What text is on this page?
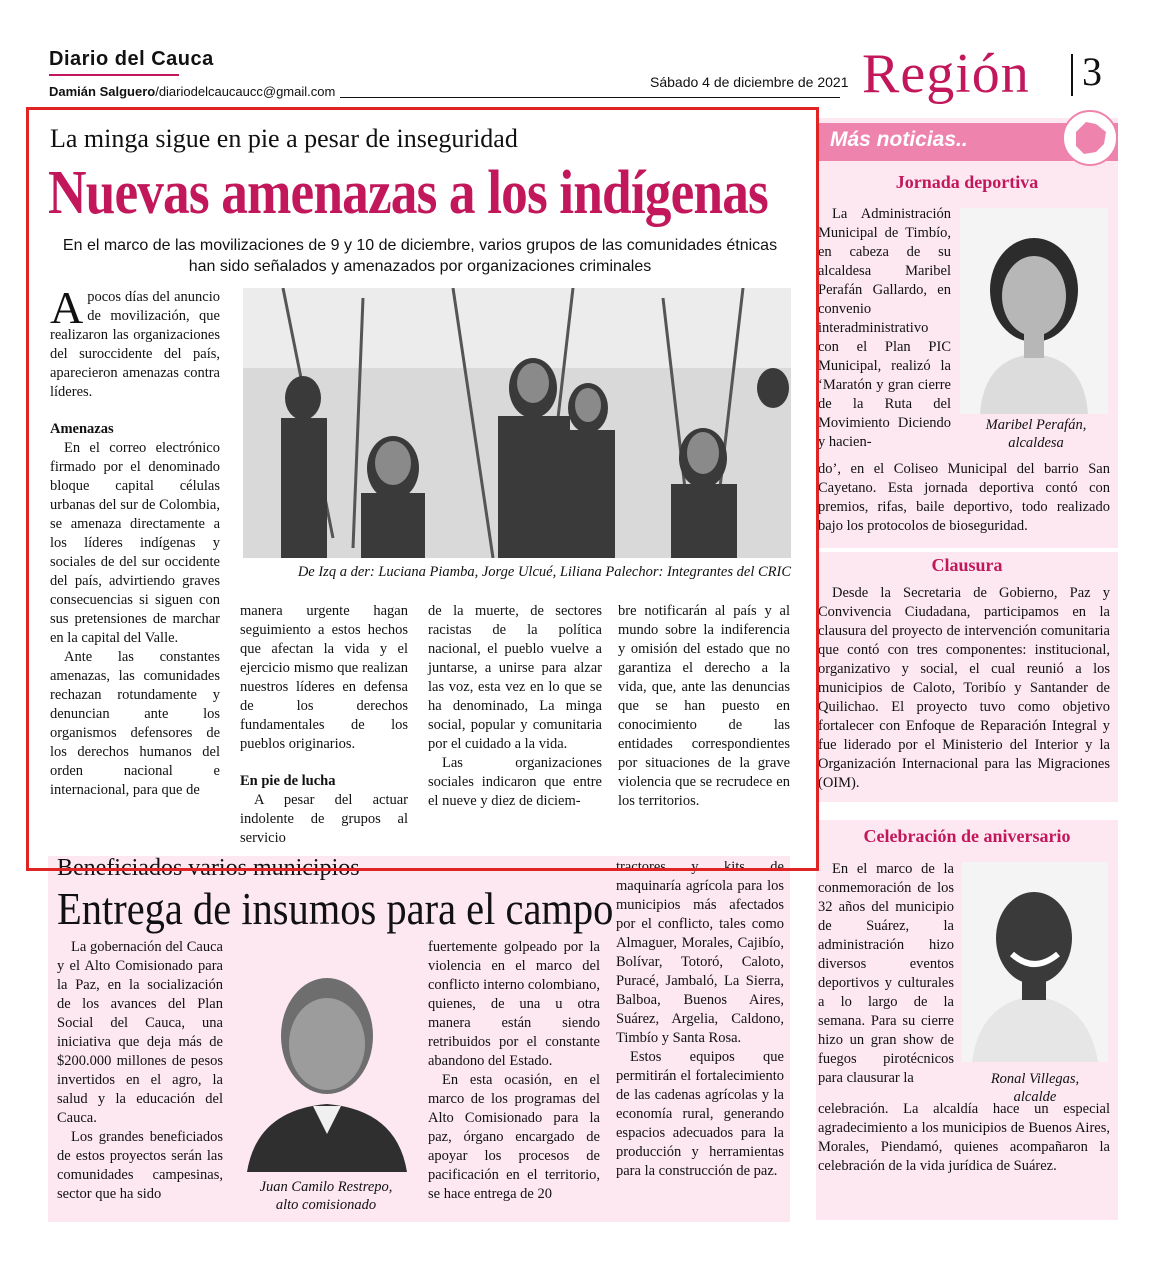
Diario del Cauca
Damián Salguero/diariodelcaucaucc@gmail.com
Sábado 4 de diciembre de 2021 Región 3
La minga sigue en pie a pesar de inseguridad
Nuevas amenazas a los indígenas
En el marco de las movilizaciones de 9 y 10 de diciembre, varios grupos de las comunidades étnicas han sido señalados y amenazados por organizaciones criminales

Apocos días del anuncio de movilización, que realizaron las organizaciones del suroccidente del país, aparecieron amenazas contra líderes.

Amenazas

En el correo electrónico firmado por el denominado bloque capital células urbanas del sur de Colombia, se amenaza directamente a los líderes indígenas y sociales de del sur occidente del país, advirtiendo graves consecuencias si siguen con sus pretensiones de marchar en la capital del Valle.

Ante las constantes amenazas, las comunidades rechazan rotundamente y denuncian ante los organismos defensores de los derechos humanos del orden nacional e internacional, para que de

De Izq a der: Luciana Piamba, Jorge Ulcué, Liliana Palechor: Integrantes del CRIC

manera urgente hagan seguimiento a estos hechos que afectan la vida y el ejercicio mismo que realizan nuestros líderes en defensa de los derechos fundamentales de los pueblos originarios.

En pie de lucha

A pesar del actuar indolente de grupos al servicio

de la muerte, de sectores racistas de la política nacional, el pueblo vuelve a juntarse, a unirse para alzar las voz, esta vez en lo que se ha denominado, La minga social, popular y comunitaria por el cuidado a la vida.

Las organizaciones sociales indicaron que entre el nueve y diez de diciem-

bre notificarán al país y al mundo sobre la indiferencia y omisión del estado que no garantiza el derecho a la vida, que, ante las denuncias que se han puesto en conocimiento de las entidades correspondientes por situaciones de la grave violencia que se recrudece en los territorios.

Más noticias..
Jornada deportiva
Maribel Perafán,
alcaldesa
La Administración Municipal de Timbío, en cabeza de su alcaldesa Maribel Perafán Gallardo, en convenio interadministrativo con el Plan PIC Municipal, realizó la ‘Maratón y gran cierre de la Ruta del Movimiento Diciendo y hacien-
do’, en el Coliseo Municipal del barrio San Cayetano. Esta jornada deportiva contó con premios, rifas, baile deportivo, todo realizado bajo los protocolos de bioseguridad.
Clausura
Desde la Secretaria de Gobierno, Paz y Convivencia Ciudadana, participamos en la clausura del proyecto de intervención comunitaria que contó con tres componentes: institucional, organizativo y social, el cual reunió a los municipios de Caloto, Toribío y Santander de Quilichao. El proyecto tuvo como objetivo fortalecer con Enfoque de Reparación Integral y fue liderado por el Ministerio del Interior y la Organización Internacional para las Migraciones (OIM).
Celebración de aniversario
Ronal Villegas,
alcalde
En el marco de la conmemoración de los 32 años del municipio de Suárez, la administración hizo diversos eventos deportivos y culturales a lo largo de la semana. Para su cierre hizo un gran show de fuegos pirotécnicos para clausurar la
celebración. La alcaldía hace un especial agradecimiento a los municipios de Buenos Aires, Morales, Piendamó, quienes acompañaron la celebración de la vida jurídica de Suárez.
Beneficiados varios municipios
Entrega de insumos para el campo

La gobernación del Cauca y el Alto Comisionado para la Paz, en la socialización de los avances del Plan Social del Cauca, una iniciativa que deja más de $200.000 millones de pesos invertidos en el agro, la salud y la educación del Cauca.

Los grandes beneficiados de estos proyectos serán las comunidades campesinas, sector que ha sido	Juan Camilo Restrepo,
alto comisionado

fuertemente golpeado por la violencia en el marco del conflicto interno colombiano, quienes, de una u otra manera están siendo retribuidos por el constante abandono del Estado.

En esta ocasión, en el marco de los programas del Alto Comisionado para la paz, órgano encargado de apoyar los procesos de pacificación en el territorio, se hace entrega de 20

tractores y kits de maquinaría agrícola para los municipios más afectados por el conflicto, tales como Almaguer, Morales, Cajibío, Bolívar, Totoró, Caloto, Puracé, Jambaló, La Sierra, Balboa, Buenos Aires, Suárez, Argelia, Caldono, Timbío y Santa Rosa.

Estos equipos que permitirán el fortalecimiento de las cadenas agrícolas y la economía rural, generando espacios adecuados para la producción y herramientas para la construcción de paz.
